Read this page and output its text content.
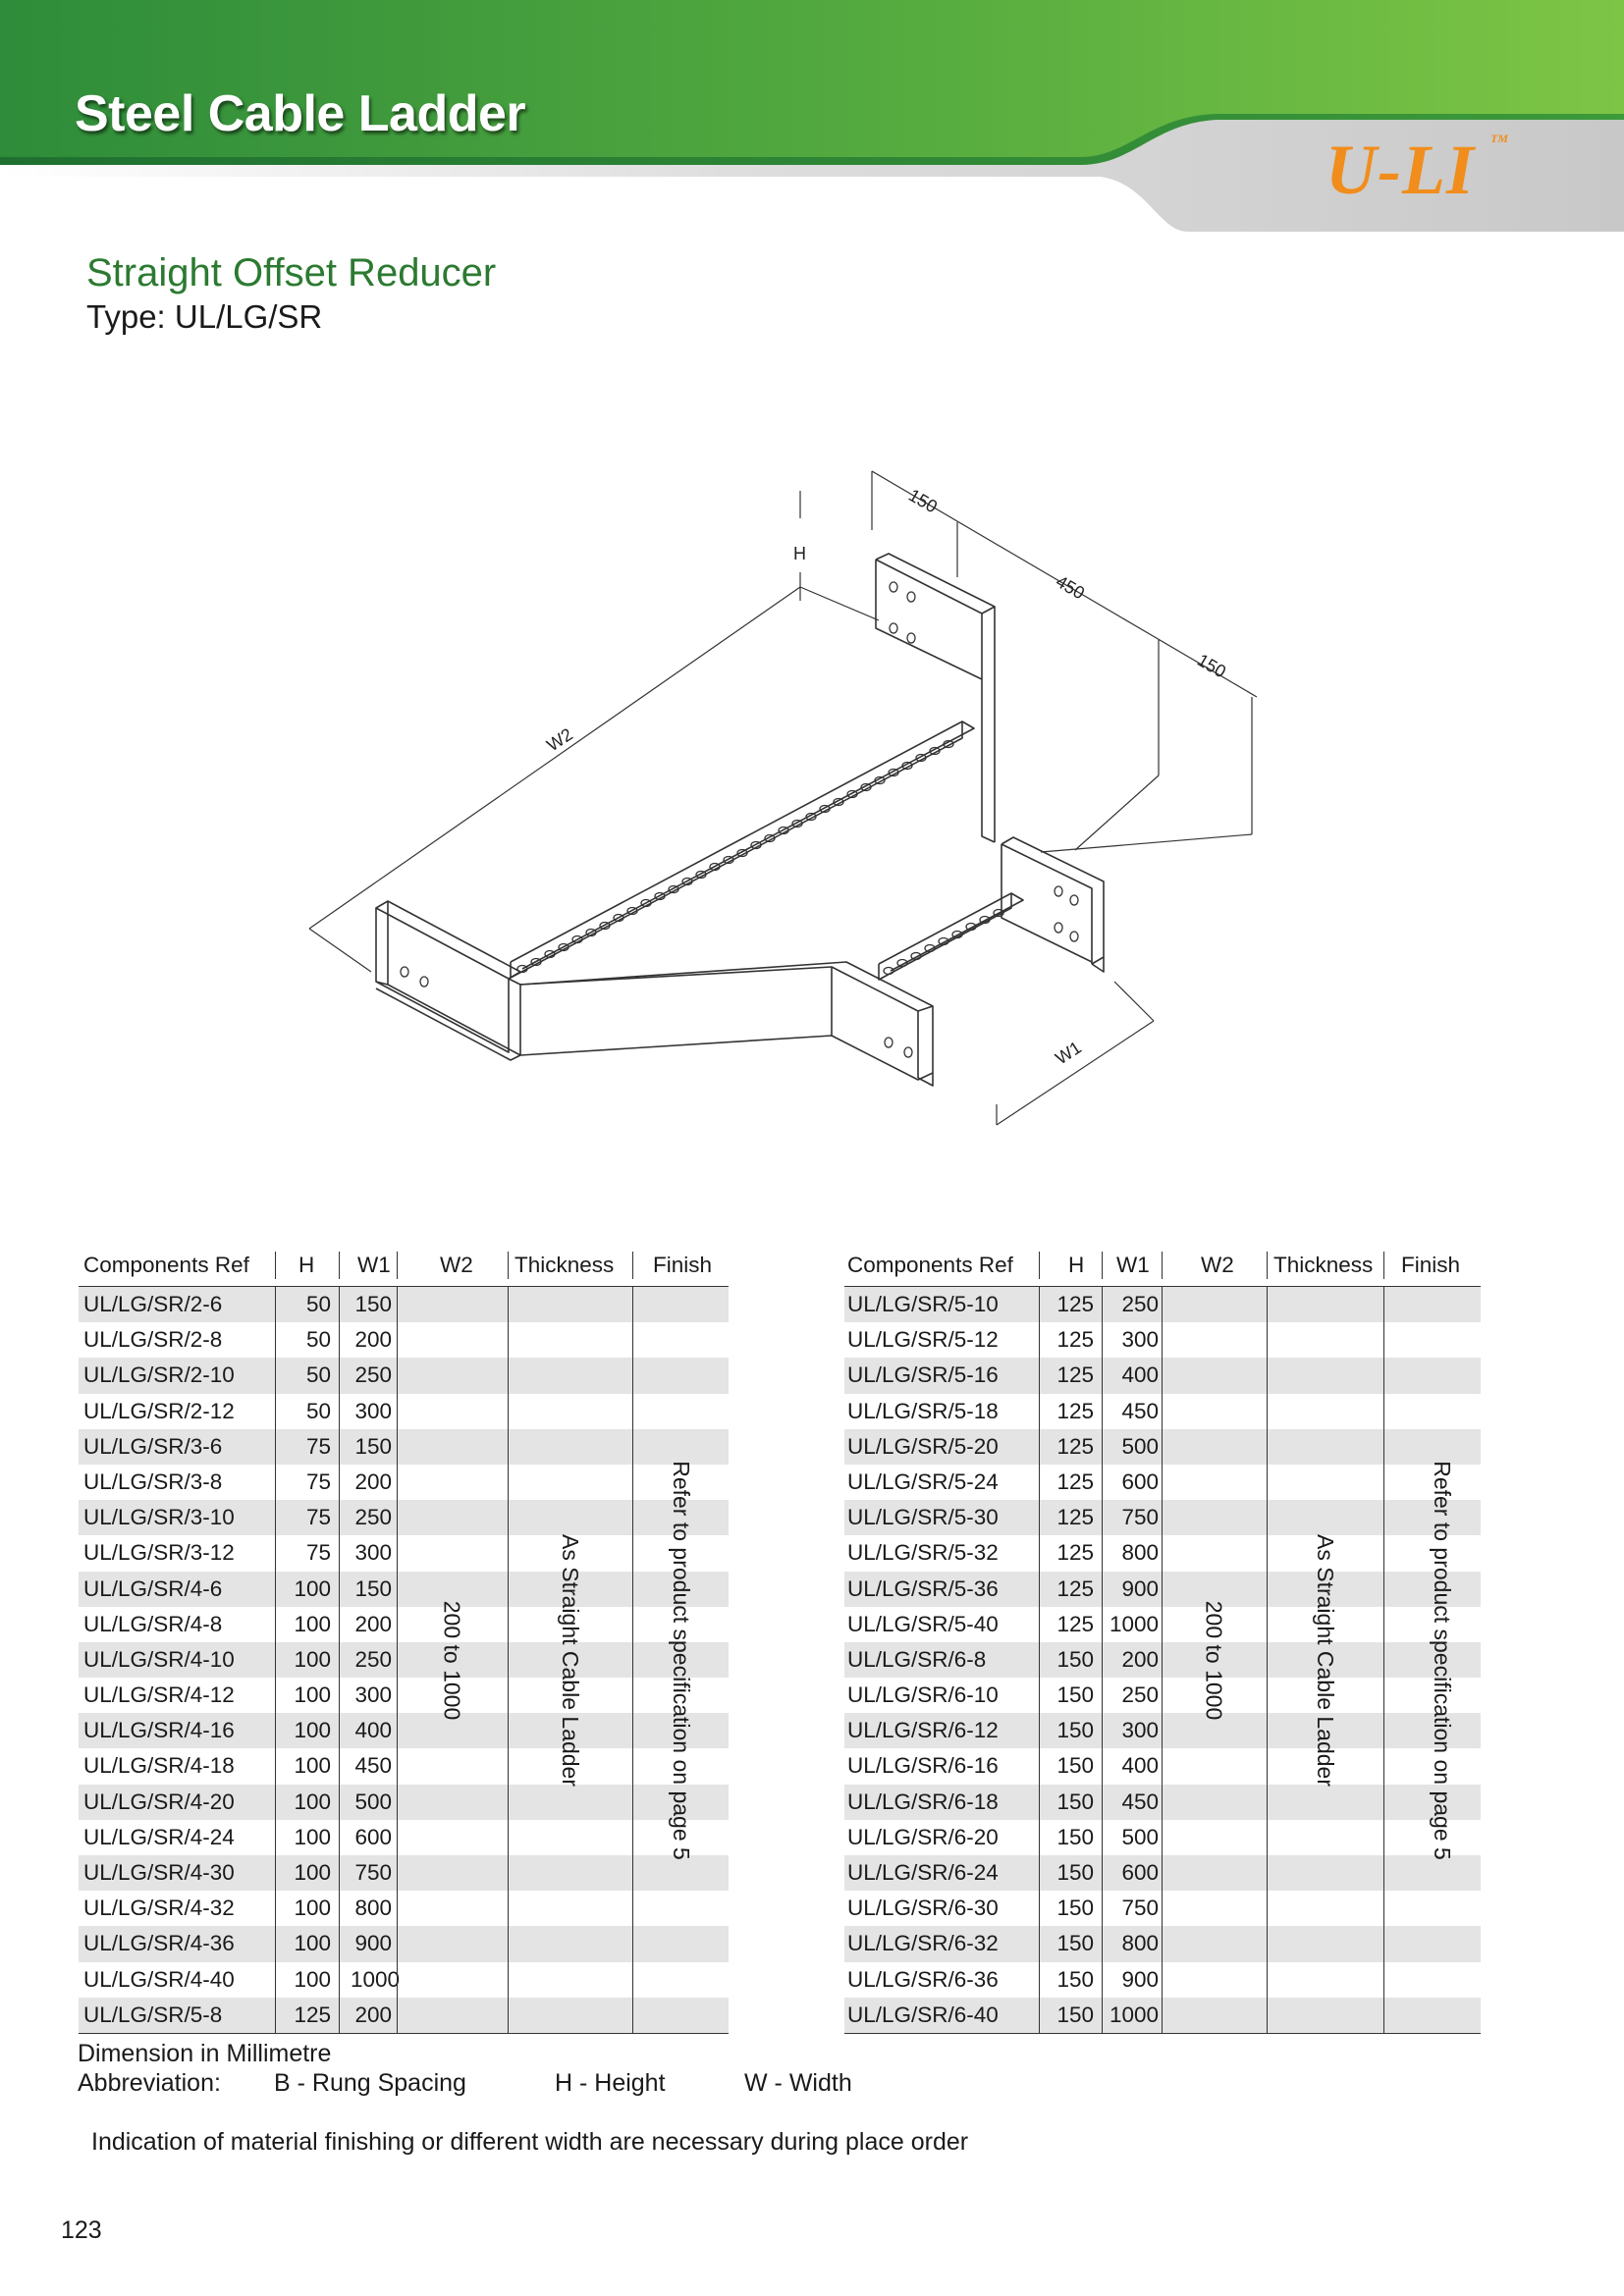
Steel Cable Ladder
U-LI TM
Straight Offset Reducer
Type: UL/LG/SR
150
450
150
H
W2
W1
Components Ref H W1 W2 Thickness Finish
UL/LG/SR/2-6	50 150
UL/LG/SR/2-8	50 200
UL/LG/SR/2-10	50 250
UL/LG/SR/2-12	50 300
UL/LG/SR/3-6	75 150
UL/LG/SR/3-8	75 200
UL/LG/SR/3-10	75 250
UL/LG/SR/3-12	75 300
UL/LG/SR/4-6	100 150
UL/LG/SR/4-8	100 200
UL/LG/SR/4-10	100 250
UL/LG/SR/4-12	100 300
UL/LG/SR/4-16	100 400
UL/LG/SR/4-18	100 450
UL/LG/SR/4-20	100 500
UL/LG/SR/4-24	100 600
UL/LG/SR/4-30	100 750
UL/LG/SR/4-32	100 800
UL/LG/SR/4-36	100 900
UL/LG/SR/4-40	100 1000
UL/LG/SR/5-8	125 200
200 to 1000	As Straight Cable Ladder	Refer to product specification on page 5
Components Ref H W1 W2 Thickness Finish
UL/LG/SR/5-10	125	250
UL/LG/SR/5-12	125	300
UL/LG/SR/5-16	125	400
UL/LG/SR/5-18	125	450
UL/LG/SR/5-20	125	500
UL/LG/SR/5-24	125	600
UL/LG/SR/5-30	125	750
UL/LG/SR/5-32	125	800
UL/LG/SR/5-36	125	900
UL/LG/SR/5-40	125 1000
UL/LG/SR/6-8	150	200
UL/LG/SR/6-10	150	250
UL/LG/SR/6-12	150	300
UL/LG/SR/6-16	150	400
UL/LG/SR/6-18	150	450
UL/LG/SR/6-20	150	500
UL/LG/SR/6-24	150	600
UL/LG/SR/6-30	150	750
UL/LG/SR/6-32	150	800
UL/LG/SR/6-36	150	900
UL/LG/SR/6-40	150 1000
200 to 1000	As Straight Cable Ladder	Refer to product specification on page 5
Dimension in Millimetre
Abbreviation: B - Rung Spacing	H - Height	W - Width
Indication of material finishing or different width are necessary during place order
123
